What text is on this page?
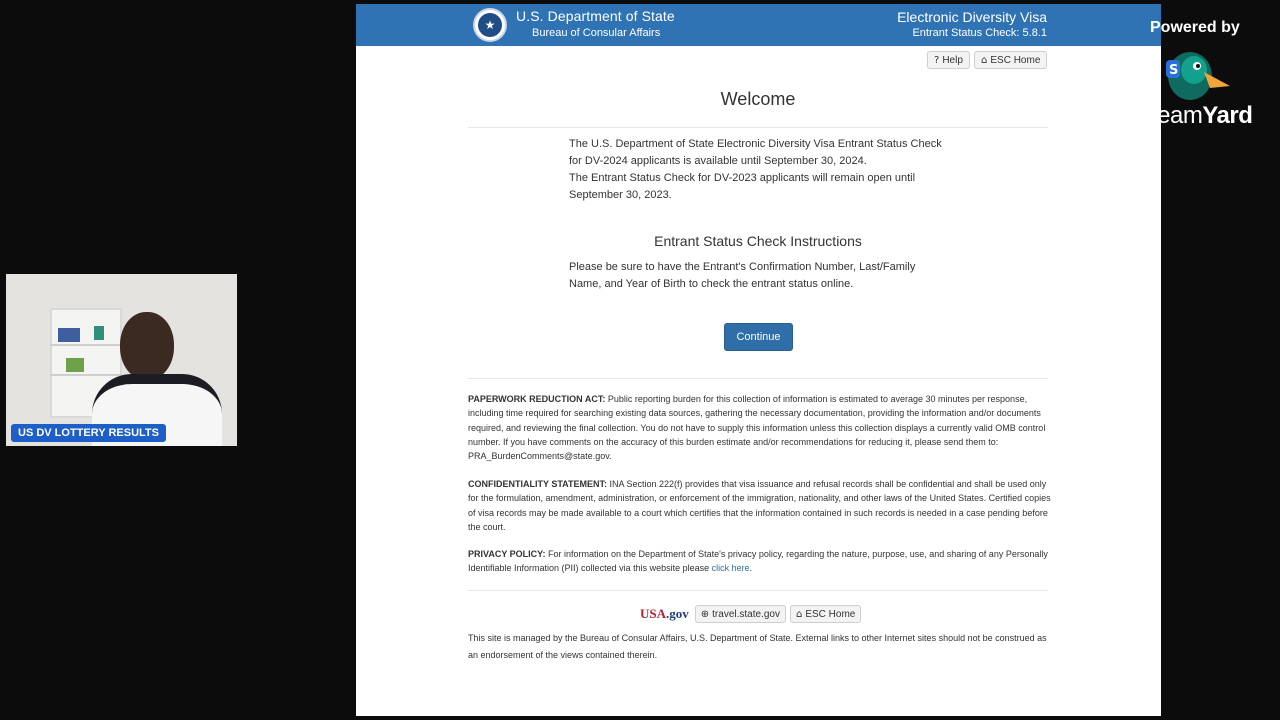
★
U.S. Department of State
Bureau of Consular Affairs
Electronic Diversity Visa
Entrant Status Check: 5.8.1
? Help ⌂ ESC Home
Welcome
The U.S. Department of State Electronic Diversity Visa Entrant Status Check for DV-2024 applicants is available until September 30, 2024.
The Entrant Status Check for DV-2023 applicants will remain open until September 30, 2023.
Entrant Status Check Instructions
Please be sure to have the Entrant's Confirmation Number, Last/Family Name, and Year of Birth to check the entrant status online.
Continue
PAPERWORK REDUCTION ACT: Public reporting burden for this collection of information is estimated to average 30 minutes per response, including time required for searching existing data sources, gathering the necessary documentation, providing the information and/or documents required, and reviewing the final collection. You do not have to supply this information unless this collection displays a currently valid OMB control number. If you have comments on the accuracy of this burden estimate and/or recommendations for reducing it, please send them to: PRA_BurdenComments@state.gov.
CONFIDENTIALITY STATEMENT: INA Section 222(f) provides that visa issuance and refusal records shall be confidential and shall be used only for the formulation, amendment, administration, or enforcement of the immigration, nationality, and other laws of the United States. Certified copies of visa records may be made available to a court which certifies that the information contained in such records is needed in a case pending before the court.
PRIVACY POLICY: For information on the Department of State's privacy policy, regarding the nature, purpose, use, and sharing of any Personally Identifiable Information (PII) collected via this website please click here.
USA.gov ⊕ travel.state.gov ⌂ ESC Home
This site is managed by the Bureau of Consular Affairs, U.S. Department of State. External links to other Internet sites should not be construed as an endorsement of the views contained therein.
US DV LOTTERY RESULTS
Powered by
S
StreamYard
